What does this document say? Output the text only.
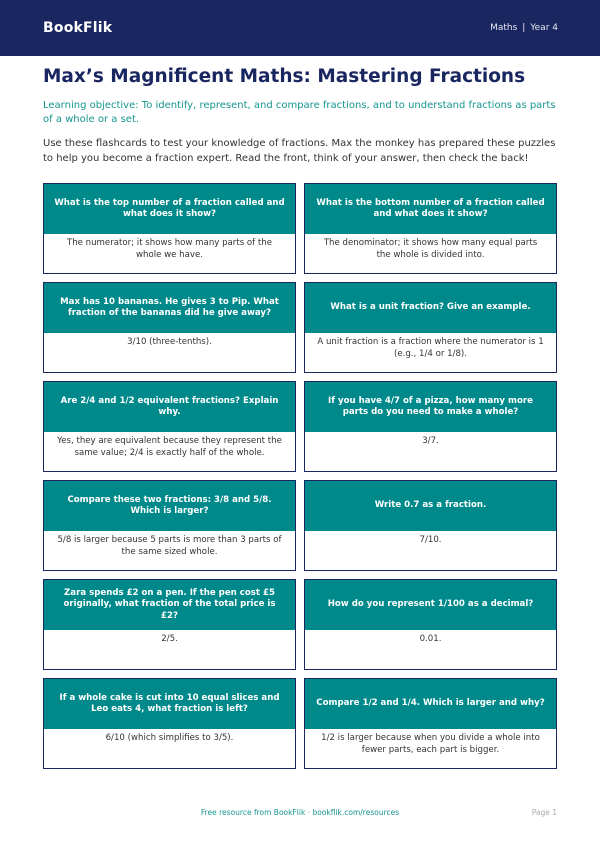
BookFlik	Maths | Year 4
Max’s Magnificent Maths: Mastering Fractions
Learning objective: To identify, represent, and compare fractions, and to understand fractions as parts of a whole or a set.
Use these flashcards to test your knowledge of fractions. Max the monkey has prepared these puzzles to help you become a fraction expert. Read the front, think of your answer, then check the back!
What is the top number of a fraction called and what does it show?
The numerator; it shows how many parts of the whole we have.
What is the bottom number of a fraction called and what does it show?
The denominator; it shows how many equal parts the whole is divided into.
Max has 10 bananas. He gives 3 to Pip. What fraction of the bananas did he give away?
3/10 (three-tenths).
What is a unit fraction? Give an example.
A unit fraction is a fraction where the numerator is 1 (e.g., 1/4 or 1/8).
Are 2/4 and 1/2 equivalent fractions? Explain why.
Yes, they are equivalent because they represent the same value; 2/4 is exactly half of the whole.
If you have 4/7 of a pizza, how many more parts do you need to make a whole?
3/7.
Compare these two fractions: 3/8 and 5/8. Which is larger?
5/8 is larger because 5 parts is more than 3 parts of the same sized whole.
Write 0.7 as a fraction.
7/10.
Zara spends £2 on a pen. If the pen cost £5 originally, what fraction of the total price is £2?
2/5.
How do you represent 1/100 as a decimal?
0.01.
If a whole cake is cut into 10 equal slices and Leo eats 4, what fraction is left?
6/10 (which simplifies to 3/5).
Compare 1/2 and 1/4. Which is larger and why?
1/2 is larger because when you divide a whole into fewer parts, each part is bigger.
Free resource from BookFlik · bookflik.com/resources	Page 1
